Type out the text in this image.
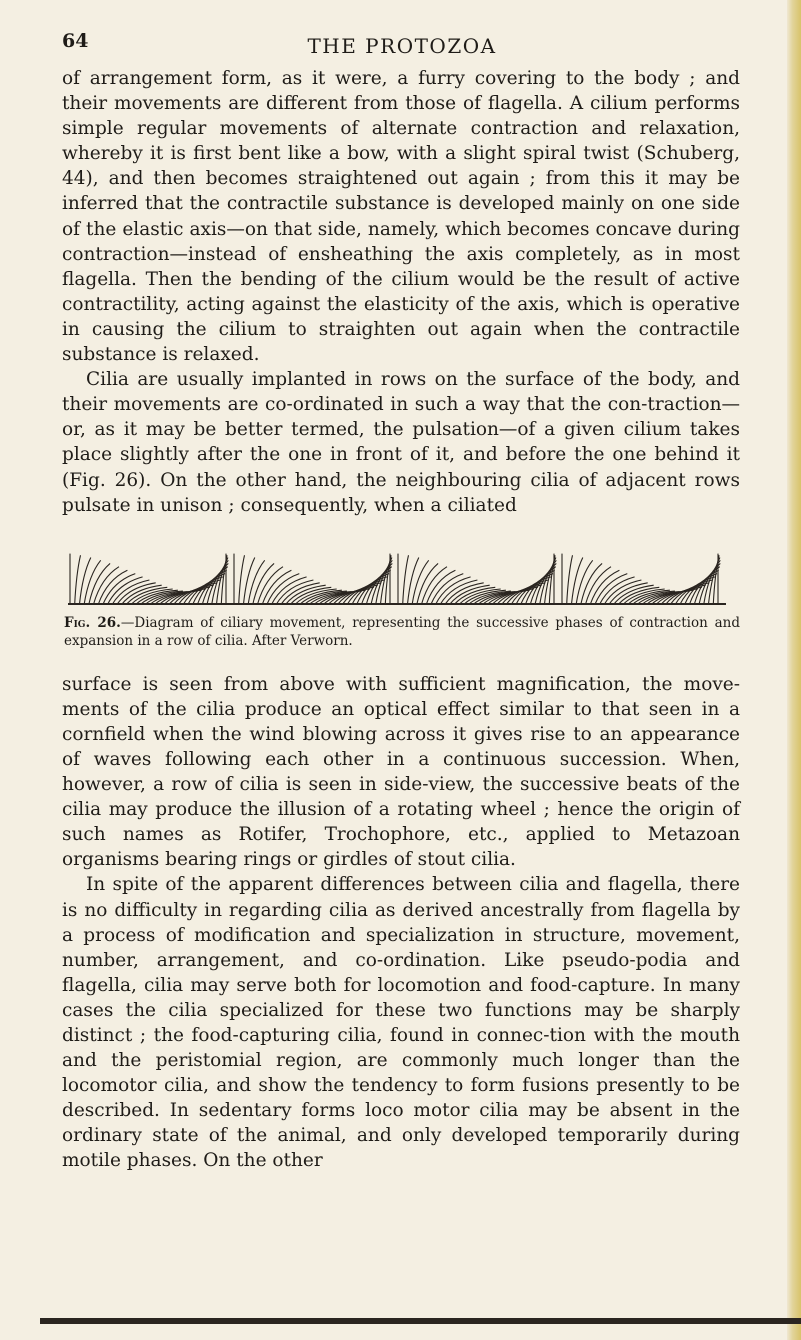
64	THE PROTOZOA

of arrangement form, as it were, a furry covering to the body ; and their movements are different from those of flagella. A cilium performs simple regular movements of alternate contraction and relaxation, whereby it is first bent like a bow, with a slight spiral twist (Schuberg, 44), and then becomes straightened out again ; from this it may be inferred that the contractile substance is developed mainly on one side of the elastic axis—on that side, namely, which becomes concave during contraction—instead of ensheathing the axis completely, as in most flagella. Then the bending of the cilium would be the result of active contractility, acting against the elasticity of the axis, which is operative in causing the cilium to straighten out again when the contractile substance is relaxed.

Cilia are usually implanted in rows on the surface of the body, and their movements are co-ordinated in such a way that the con-traction—or, as it may be better termed, the pulsation—of a given cilium takes place slightly after the one in front of it, and before the one behind it (Fig. 26). On the other hand, the neighbouring cilia of adjacent rows pulsate in unison ; consequently, when a ciliated

Fig. 26.—Diagram of ciliary movement, representing the successive phases of contraction and expansion in a row of cilia. After Verworn.

surface is seen from above with sufficient magnification, the move-ments of the cilia produce an optical effect similar to that seen in a cornfield when the wind blowing across it gives rise to an appearance of waves following each other in a continuous succession. When, however, a row of cilia is seen in side-view, the successive beats of the cilia may produce the illusion of a rotating wheel ; hence the origin of such names as Rotifer, Trochophore, etc., applied to Metazoan organisms bearing rings or girdles of stout cilia.

In spite of the apparent differences between cilia and flagella, there is no difficulty in regarding cilia as derived ancestrally from flagella by a process of modification and specialization in structure, movement, number, arrangement, and co-ordination. Like pseudo-podia and flagella, cilia may serve both for locomotion and food-capture. In many cases the cilia specialized for these two functions may be sharply distinct ; the food-capturing cilia, found in connec-tion with the mouth and the peristomial region, are commonly much longer than the locomotor cilia, and show the tendency to form fusions presently to be described. In sedentary forms loco motor cilia may be absent in the ordinary state of the animal, and only developed temporarily during motile phases. On the other
